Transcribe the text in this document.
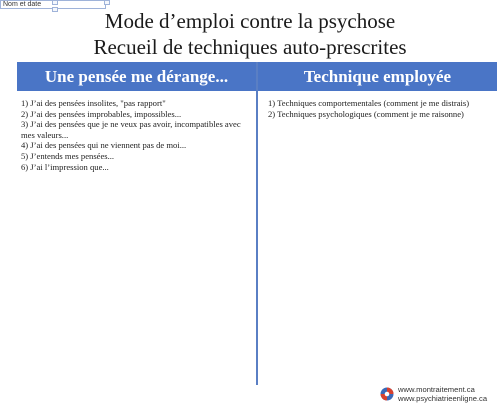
Nom et date
Mode d’emploi contre la psychose
Recueil de techniques auto-prescrites
Une pensée me dérange...	Technique employée
1) J’ai des pensées insolites, "pas rapport"
2) J’ai des pensées improbables, impossibles...
3) J’ai des pensées que je ne veux pas avoir, incompatibles avec mes valeurs...
4) J’ai des pensées qui ne viennent pas de moi...
5) J’entends mes pensées...
6) J’ai l’impression que...
1) Techniques comportementales (comment je me distrais)
2) Techniques psychologiques (comment je me raisonne)
www.montraitement.ca
www.psychiatrieenligne.ca
